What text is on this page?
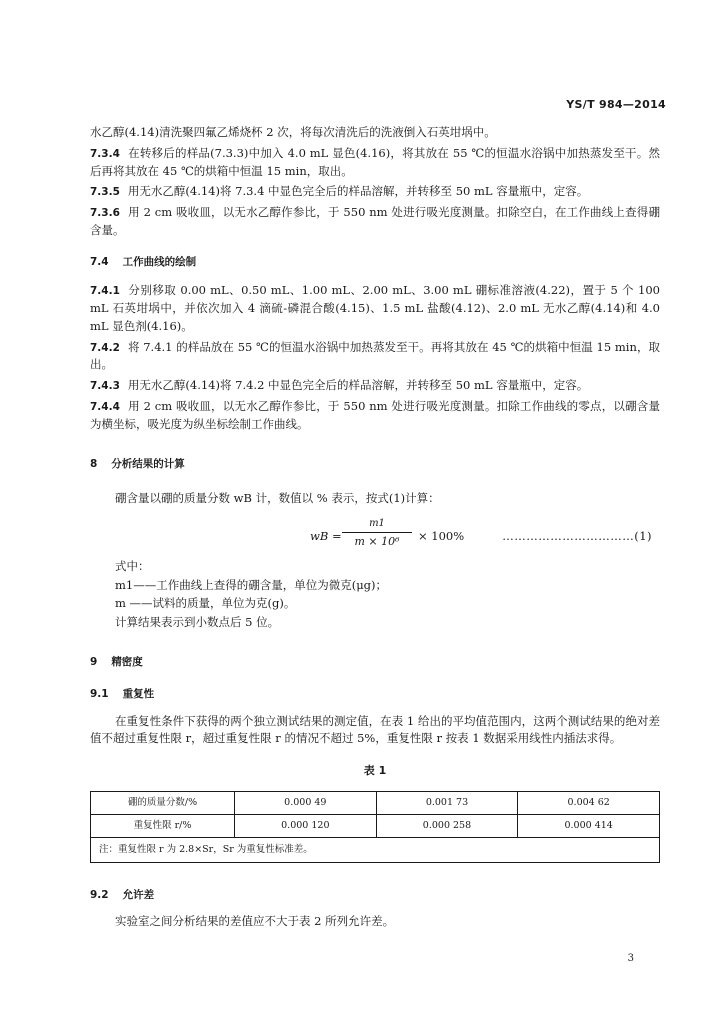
YS/T 984—2014

水乙醇(4.14)清洗聚四氟乙烯烧杯 2 次，将每次清洗后的洗液倒入石英坩埚中。

7.3.4 在转移后的样品(7.3.3)中加入 4.0 mL 显色(4.16)，将其放在 55 ℃的恒温水浴锅中加热蒸发至干。然后再将其放在 45 ℃的烘箱中恒温 15 min，取出。

7.3.5 用无水乙醇(4.14)将 7.3.4 中显色完全后的样品溶解，并转移至 50 mL 容量瓶中，定容。

7.3.6 用 2 cm 吸收皿，以无水乙醇作参比，于 550 nm 处进行吸光度测量。扣除空白，在工作曲线上查得硼含量。

7.4 工作曲线的绘制

7.4.1 分别移取 0.00 mL、0.50 mL、1.00 mL、2.00 mL、3.00 mL 硼标准溶液(4.22)，置于 5 个 100 mL 石英坩埚中，并依次加入 4 滴硫-磷混合酸(4.15)、1.5 mL 盐酸(4.12)、2.0 mL 无水乙醇(4.14)和 4.0 mL 显色剂(4.16)。

7.4.2 将 7.4.1 的样品放在 55 ℃的恒温水浴锅中加热蒸发至干。再将其放在 45 ℃的烘箱中恒温 15 min，取出。

7.4.3 用无水乙醇(4.14)将 7.4.2 中显色完全后的样品溶解，并转移至 50 mL 容量瓶中，定容。

7.4.4 用 2 cm 吸收皿，以无水乙醇作参比，于 550 nm 处进行吸光度测量。扣除工作曲线的零点，以硼含量为横坐标，吸光度为纵坐标绘制工作曲线。

8 分析结果的计算

硼含量以硼的质量分数 wB 计，数值以 % 表示，按式(1)计算：

wB = $\frac{m1}{\text{m × 10⁶}} \times 100\%$	……………………………(1)

式中：

m1——工作曲线上查得的硼含量，单位为微克(μg)；

m ——试料的质量，单位为克(g)。

计算结果表示到小数点后 5 位。

9 精密度

9.1 重复性

在重复性条件下获得的两个独立测试结果的测定值，在表 1 给出的平均值范围内，这两个测试结果的绝对差值不超过重复性限 r，超过重复性限 r 的情况不超过 5%，重复性限 r 按表 1 数据采用线性内插法求得。

表 1
硼的质量分数/%	0.000 49	0.001 73	0.004 62
重复性限 r/%	0.000 120	0.000 258	0.000 414
注：重复性限 r 为 2.8×Sr，Sr 为重复性标准差。			

9.2 允许差

实验室之间分析结果的差值应不大于表 2 所列允许差。

3
